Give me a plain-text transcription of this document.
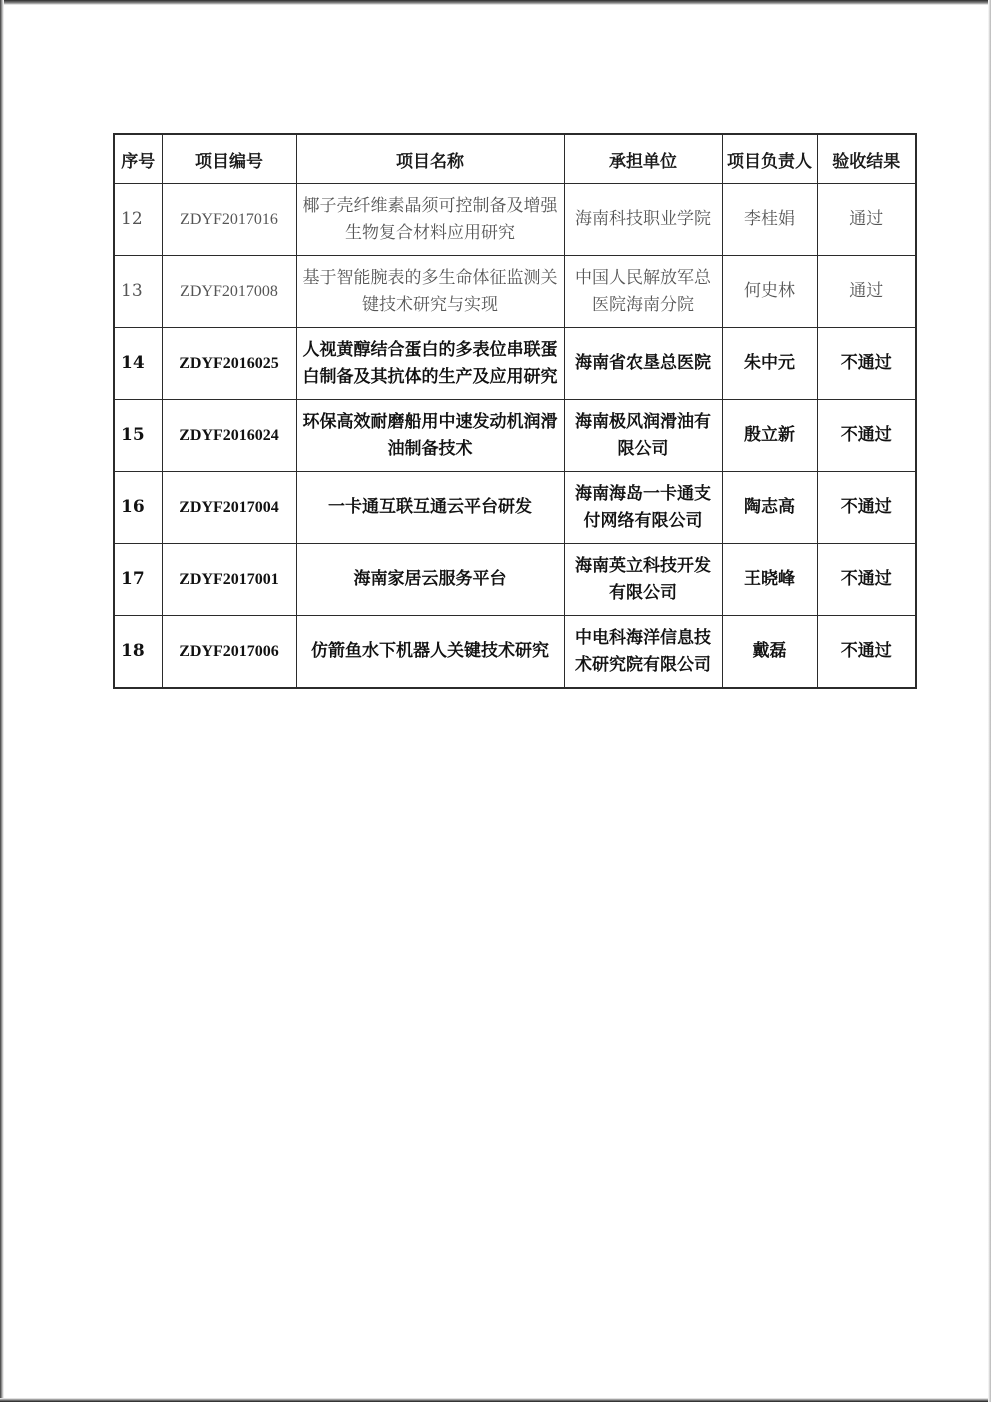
序号	项目编号	项目名称	承担单位	项目负责人	验收结果
12	ZDYF2017016	椰子壳纤维素晶须可控制备及增强生物复合材料应用研究	海南科技职业学院	李桂娟	通过
13	ZDYF2017008	基于智能腕表的多生命体征监测关键技术研究与实现	中国人民解放军总医院海南分院	何史林	通过
14	ZDYF2016025	人视黄醇结合蛋白的多表位串联蛋白制备及其抗体的生产及应用研究	海南省农垦总医院	朱中元	不通过
15	ZDYF2016024	环保高效耐磨船用中速发动机润滑油制备技术	海南极风润滑油有限公司	殷立新	不通过
16	ZDYF2017004	一卡通互联互通云平台研发	海南海岛一卡通支付网络有限公司	陶志高	不通过
17	ZDYF2017001	海南家居云服务平台	海南英立科技开发有限公司	王晓峰	不通过
18	ZDYF2017006	仿箭鱼水下机器人关键技术研究	中电科海洋信息技术研究院有限公司	戴磊	不通过
